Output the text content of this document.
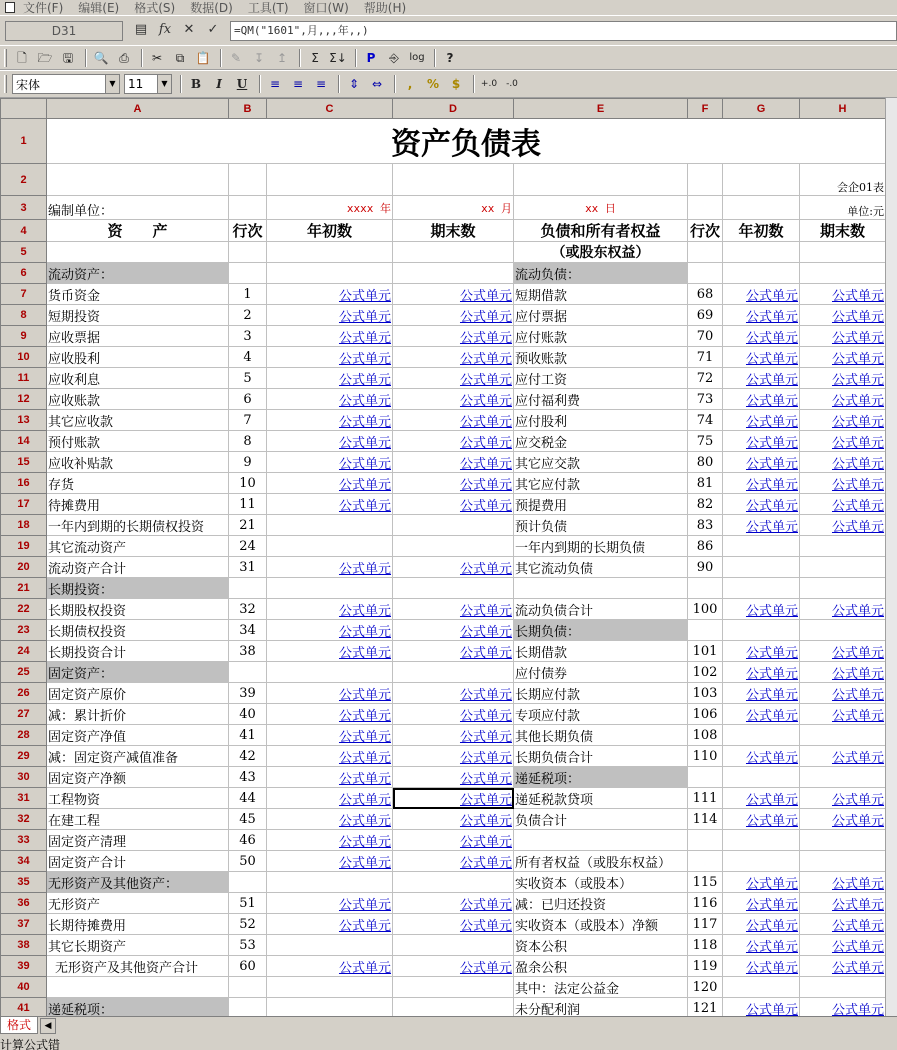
文件(F) 编辑(E) 格式(S) 数据(D) 工具(T) 窗口(W) 帮助(H)
D31	▤ fx ✕ ✓	=QM("1601",月,,,年,,)
🗋 🗁 🖫	🔍 ⎙	✂	⧉ 📋	✎	↧	↥	Σ Σ↓	P	⎆	log	?
宋体	▼ 11	▼	B	I	U	≡	≡	≡	⇕	⇔	,	%	$	+.0	-.0
	A	B	C	D	E	F	G	H
1	资产负债表							
2								会企01表
3	编制单位：		xxxx 年	xx 月	xx 日			单位:元
4	资　　产	行次	年初数	期末数	负债和所有者权益	行次	年初数	期末数
5					（或股东权益）			
6	流动资产：				流动负债：			
7	货币资金	1	公式单元	公式单元	短期借款	68	公式单元	公式单元
8	短期投资	2	公式单元	公式单元	应付票据	69	公式单元	公式单元
9	应收票据	3	公式单元	公式单元	应付账款	70	公式单元	公式单元
10	应收股利	4	公式单元	公式单元	预收账款	71	公式单元	公式单元
11	应收利息	5	公式单元	公式单元	应付工资	72	公式单元	公式单元
12	应收账款	6	公式单元	公式单元	应付福利费	73	公式单元	公式单元
13	其它应收款	7	公式单元	公式单元	应付股利	74	公式单元	公式单元
14	预付账款	8	公式单元	公式单元	应交税金	75	公式单元	公式单元
15	应收补贴款	9	公式单元	公式单元	其它应交款	80	公式单元	公式单元
16	存货	10	公式单元	公式单元	其它应付款	81	公式单元	公式单元
17	待摊费用	11	公式单元	公式单元	预提费用	82	公式单元	公式单元
18	一年内到期的长期债权投资	21			预计负债	83	公式单元	公式单元
19	其它流动资产	24			一年内到期的长期负债	86		
20	流动资产合计	31	公式单元	公式单元	其它流动负债	90		
21	长期投资：							
22	长期股权投资	32	公式单元	公式单元	流动负债合计	100	公式单元	公式单元
23	长期债权投资	34	公式单元	公式单元	长期负债：			
24	长期投资合计	38	公式单元	公式单元	长期借款	101	公式单元	公式单元
25	固定资产：				应付债券	102	公式单元	公式单元
26	固定资产原价	39	公式单元	公式单元	长期应付款	103	公式单元	公式单元
27	减：累计折价	40	公式单元	公式单元	专项应付款	106	公式单元	公式单元
28	固定资产净值	41	公式单元	公式单元	其他长期负债	108		
29	减：固定资产减值准备	42	公式单元	公式单元	长期负债合计	110	公式单元	公式单元
30	固定资产净额	43	公式单元	公式单元	递延税项：			
31	工程物资	44	公式单元	公式单元	递延税款贷项	111	公式单元	公式单元
32	在建工程	45	公式单元	公式单元	负债合计	114	公式单元	公式单元
33	固定资产清理	46	公式单元	公式单元				
34	固定资产合计	50	公式单元	公式单元	所有者权益（或股东权益）			
35	无形资产及其他资产：				实收资本（或股本）	115	公式单元	公式单元
36	无形资产	51	公式单元	公式单元	减：已归还投资	116	公式单元	公式单元
37	长期待摊费用	52	公式单元	公式单元	实收资本（或股本）净额	117	公式单元	公式单元
38	其它长期资产	53			资本公积	118	公式单元	公式单元
39	无形资产及其他资产合计	60	公式单元	公式单元	盈余公积	119	公式单元	公式单元
40					其中：法定公益金	120		
41	递延税项：				未分配利润	121	公式单元	公式单元
格式	◀
计算公式错
